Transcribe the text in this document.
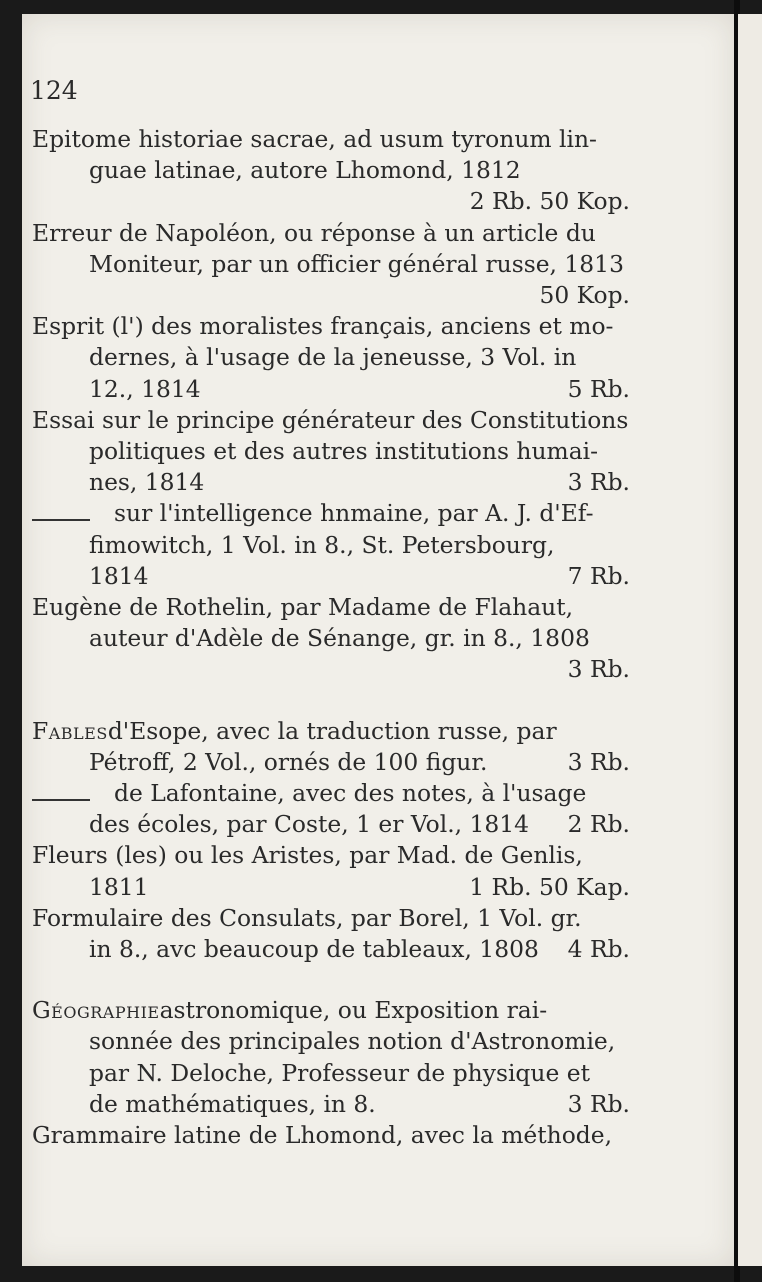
124
Epitome historiae sacrae, ad usum tyronum lin-
guae latinae, autore Lhomond, 1812
2 Rb. 50 Kop.
Erreur de Napoléon, ou réponse à un article du
Moniteur, par un officier général russe, 1813
50 Kop.
Esprit (l') des moralistes français, anciens et mo-
dernes, à l'usage de la jeneusse, 3 Vol. in
12., 1814	5 Rb.
Essai sur le principe générateur des Constitutions
politiques et des autres institutions humai-
nes, 1814	3 Rb.
sur l'intelligence hnmaine, par A. J. d'Ef-
fimowitch, 1 Vol. in 8., St. Petersbourg,
1814	7 Rb.
Eugène de Rothelin, par Madame de Flahaut,
auteur d'Adèle de Sénange, gr. in 8., 1808
3 Rb.
Fables d'Esope, avec la traduction russe, par
Pétroff, 2 Vol., ornés de 100 figur.	3 Rb.
de Lafontaine, avec des notes, à l'usage
des écoles, par Coste, 1 er Vol., 1814 2 Rb.
Fleurs (les) ou les Aristes, par Mad. de Genlis,
1811	1 Rb. 50 Kap.
Formulaire des Consulats, par Borel, 1 Vol. gr.
in 8., avc beaucoup de tableaux, 1808 4 Rb.
Géographie astronomique, ou Exposition rai-
sonnée des principales notion d'Astronomie,
par N. Deloche, Professeur de physique et
de mathématiques, in 8.	3 Rb.
Grammaire latine de Lhomond, avec la méthode,
